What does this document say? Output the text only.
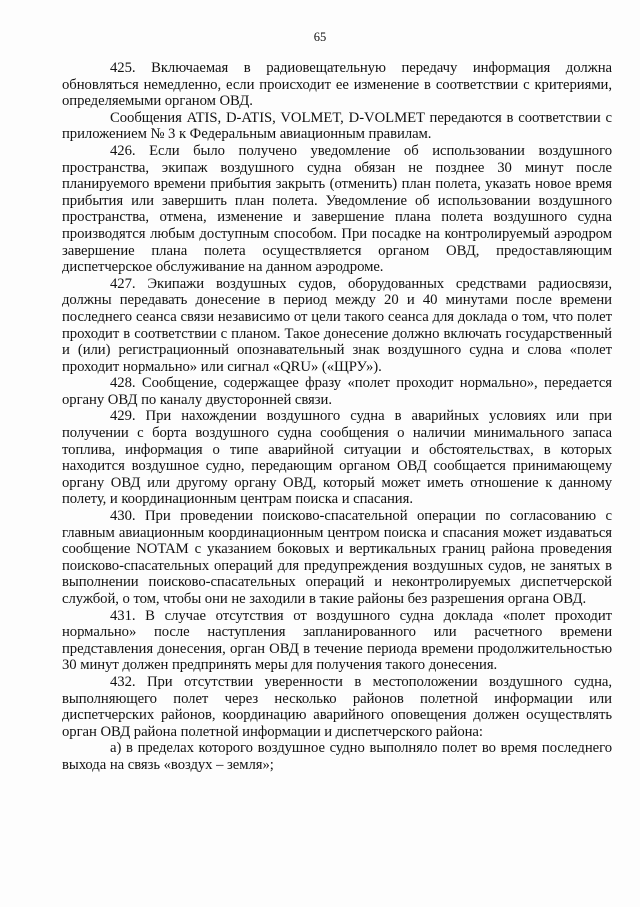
65

425. Включаемая в радиовещательную передачу информация должна обновляться немедленно, если происходит ее изменение в соответствии с критериями, определяемыми органом ОВД.

Сообщения ATIS, D-ATIS, VOLMET, D-VOLMET передаются в соответствии с приложением № 3 к Федеральным авиационным правилам.

426. Если было получено уведомление об использовании воздушного пространства, экипаж воздушного судна обязан не позднее 30 минут после планируемого времени прибытия закрыть (отменить) план полета, указать новое время прибытия или завершить план полета. Уведомление об использовании воздушного пространства, отмена, изменение и завершение плана полета воздушного судна производятся любым доступным способом. При посадке на контролируемый аэродром завершение плана полета осуществляется органом ОВД, предоставляющим диспетчерское обслуживание на данном аэродроме.

427. Экипажи воздушных судов, оборудованных средствами радиосвязи, должны передавать донесение в период между 20 и 40 минутами после времени последнего сеанса связи независимо от цели такого сеанса для доклада о том, что полет проходит в соответствии с планом. Такое донесение должно включать государственный и (или) регистрационный опознавательный знак воздушного судна и слова «полет проходит нормально» или сигнал «QRU» («ЩРУ»).

428. Сообщение, содержащее фразу «полет проходит нормально», передается органу ОВД по каналу двусторонней связи.

429. При нахождении воздушного судна в аварийных условиях или при получении с борта воздушного судна сообщения о наличии минимального запаса топлива, информация о типе аварийной ситуации и обстоятельствах, в которых находится воздушное судно, передающим органом ОВД сообщается принимающему органу ОВД или другому органу ОВД, который может иметь отношение к данному полету, и координационным центрам поиска и спасания.

430. При проведении поисково-спасательной операции по согласованию с главным авиационным координационным центром поиска и спасания может издаваться сообщение NOTAM с указанием боковых и вертикальных границ района проведения поисково-спасательных операций для предупреждения воздушных судов, не занятых в выполнении поисково-спасательных операций и неконтролируемых диспетчерской службой, о том, чтобы они не заходили в такие районы без разрешения органа ОВД.

431. В случае отсутствия от воздушного судна доклада «полет проходит нормально» после наступления запланированного или расчетного времени представления донесения, орган ОВД в течение периода времени продолжительностью 30 минут должен предпринять меры для получения такого донесения.

432. При отсутствии уверенности в местоположении воздушного судна, выполняющего полет через несколько районов полетной информации или диспетчерских районов, координацию аварийного оповещения должен осуществлять орган ОВД района полетной информации и диспетчерского района:

а) в пределах которого воздушное судно выполняло полет во время последнего выхода на связь «воздух – земля»;
